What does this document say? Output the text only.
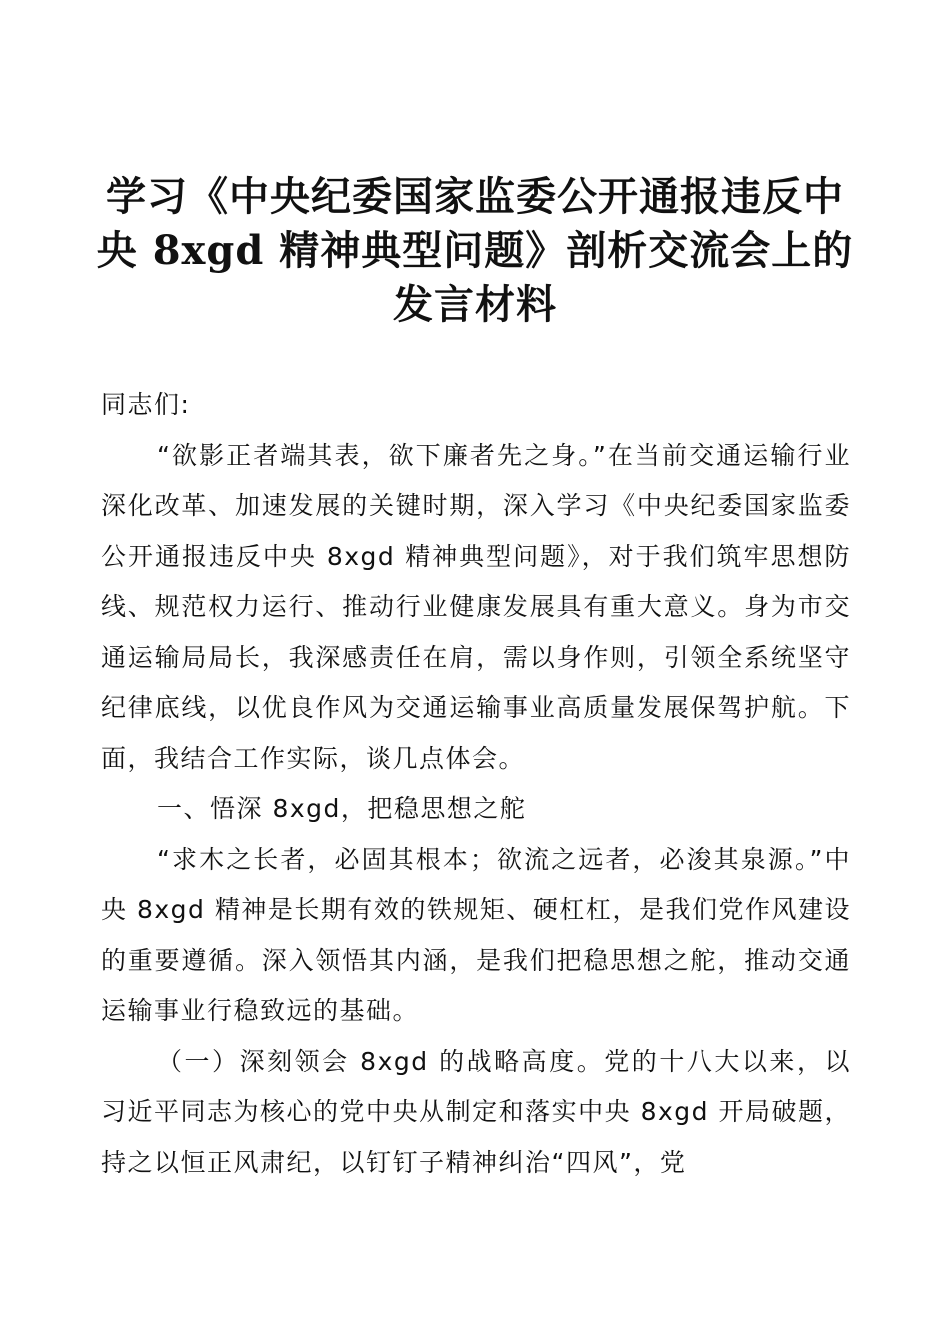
学习《中央纪委国家监委公开通报违反中
央 8xgd 精神典型问题》剖析交流会上的
发言材料

同志们:

“欲影正者端其表，欲下廉者先之身。”在当前交通运输行业深化改革、加速发展的关键时期，深入学习《中央纪委国家监委公开通报违反中央 8xgd 精神典型问题》，对于我们筑牢思想防线、规范权力运行、推动行业健康发展具有重大意义。身为市交通运输局局长，我深感责任在肩，需以身作则，引领全系统坚守纪律底线，以优良作风为交通运输事业高质量发展保驾护航。下面，我结合工作实际，谈几点体会。

一、悟深 8xgd，把稳思想之舵

“求木之长者，必固其根本；欲流之远者，必浚其泉源。”中央 8xgd 精神是长期有效的铁规矩、硬杠杠，是我们党作风建设的重要遵循。深入领悟其内涵，是我们把稳思想之舵，推动交通运输事业行稳致远的基础。

（一）深刻领会 8xgd 的战略高度。党的十八大以来，以习近平同志为核心的党中央从制定和落实中央 8xgd 开局破题，持之以恒正风肃纪，以钉钉子精神纠治“四风”，党
